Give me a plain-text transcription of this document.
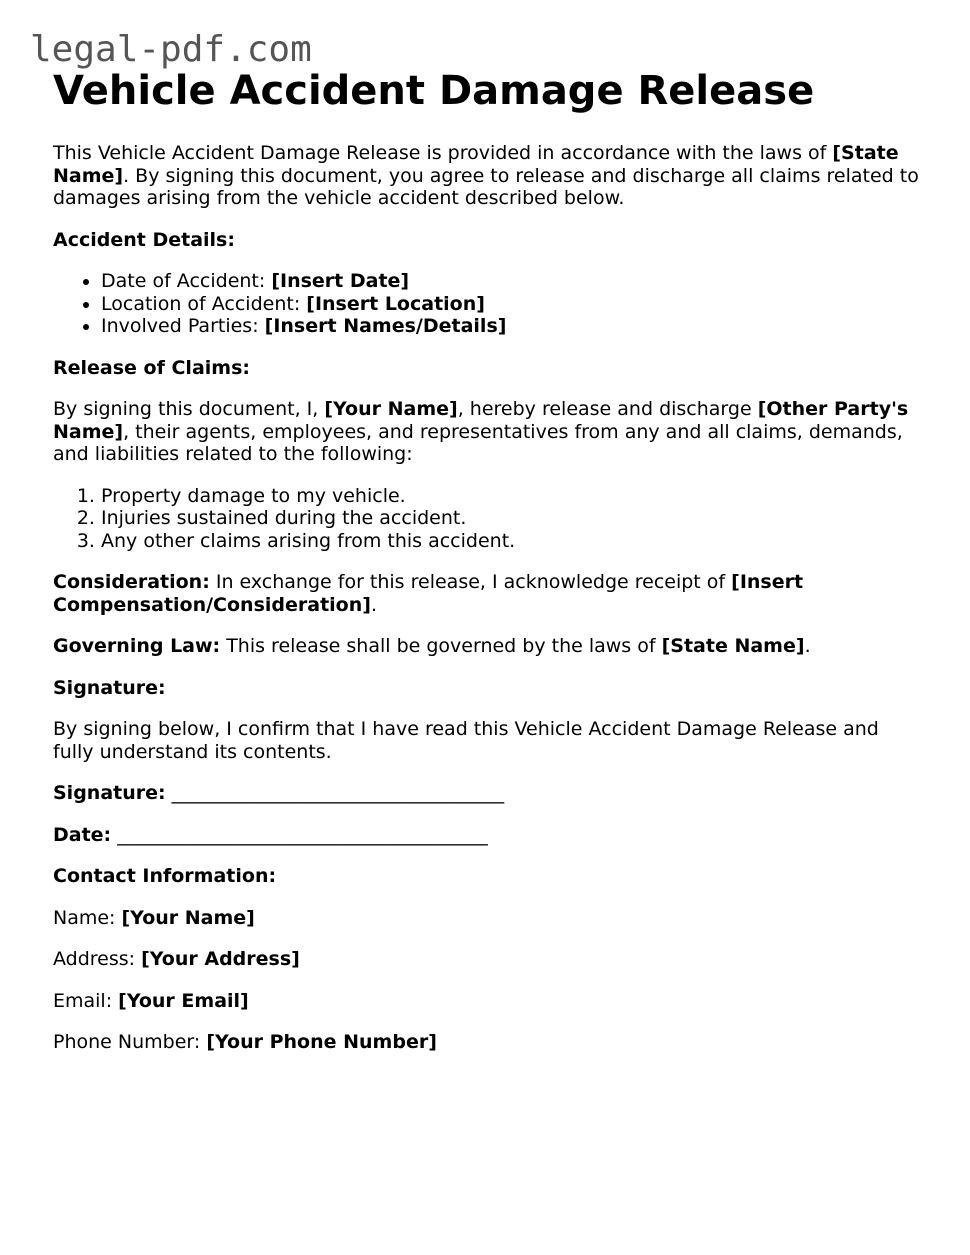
legal-pdf.com
Vehicle Accident Damage Release

This Vehicle Accident Damage Release is provided in accordance with the laws of [State Name]. By signing this document, you agree to release and discharge all claims related to damages arising from the vehicle accident described below.

Accident Details:

• Date of Accident: [Insert Date]
• Location of Accident: [Insert Location]
• Involved Parties: [Insert Names/Details]

Release of Claims:

By signing this document, I, [Your Name], hereby release and discharge [Other Party's Name], their agents, employees, and representatives from any and all claims, demands, and liabilities related to the following:

1. Property damage to my vehicle.
2. Injuries sustained during the accident.
3. Any other claims arising from this accident.

Consideration: In exchange for this release, I acknowledge receipt of [Insert Compensation/Consideration].

Governing Law: This release shall be governed by the laws of [State Name].

Signature:

By signing below, I confirm that I have read this Vehicle Accident Damage Release and fully understand its contents.

Signature: ___________________________________

Date: _______________________________________

Contact Information:

Name: [Your Name]

Address: [Your Address]

Email: [Your Email]

Phone Number: [Your Phone Number]
